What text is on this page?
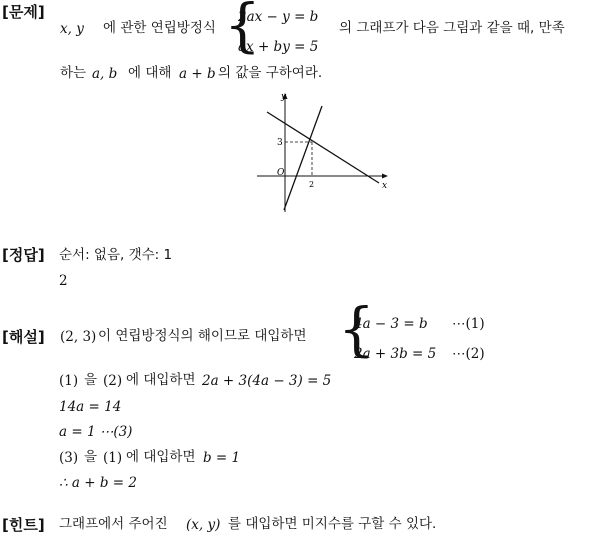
[문제]
x, y 에 관한 연립방정식 {
2ax − y = b
ax + by = 5
의 그래프가 다음 그림과 같을 때, 만족
하는 a, b 에 대해 a + b 의 값을 구하여라.
y
x
O
3
2
[정답] 순서: 없음, 갯수: 1
2
[해설] (2, 3) 이 연립방정식의 해이므로 대입하면 {
4a − 3 = b ⋯(1)
2a + 3b = 5 ⋯(2)
(1) 을 (2) 에 대입하면 2a + 3(4a − 3) = 5
14a = 14
a = 1 ⋯(3)
(3) 을 (1) 에 대입하면 b = 1
∴ a + b = 2
[힌트] 그래프에서 주어진 (x, y) 를 대입하면 미지수를 구할 수 있다.
